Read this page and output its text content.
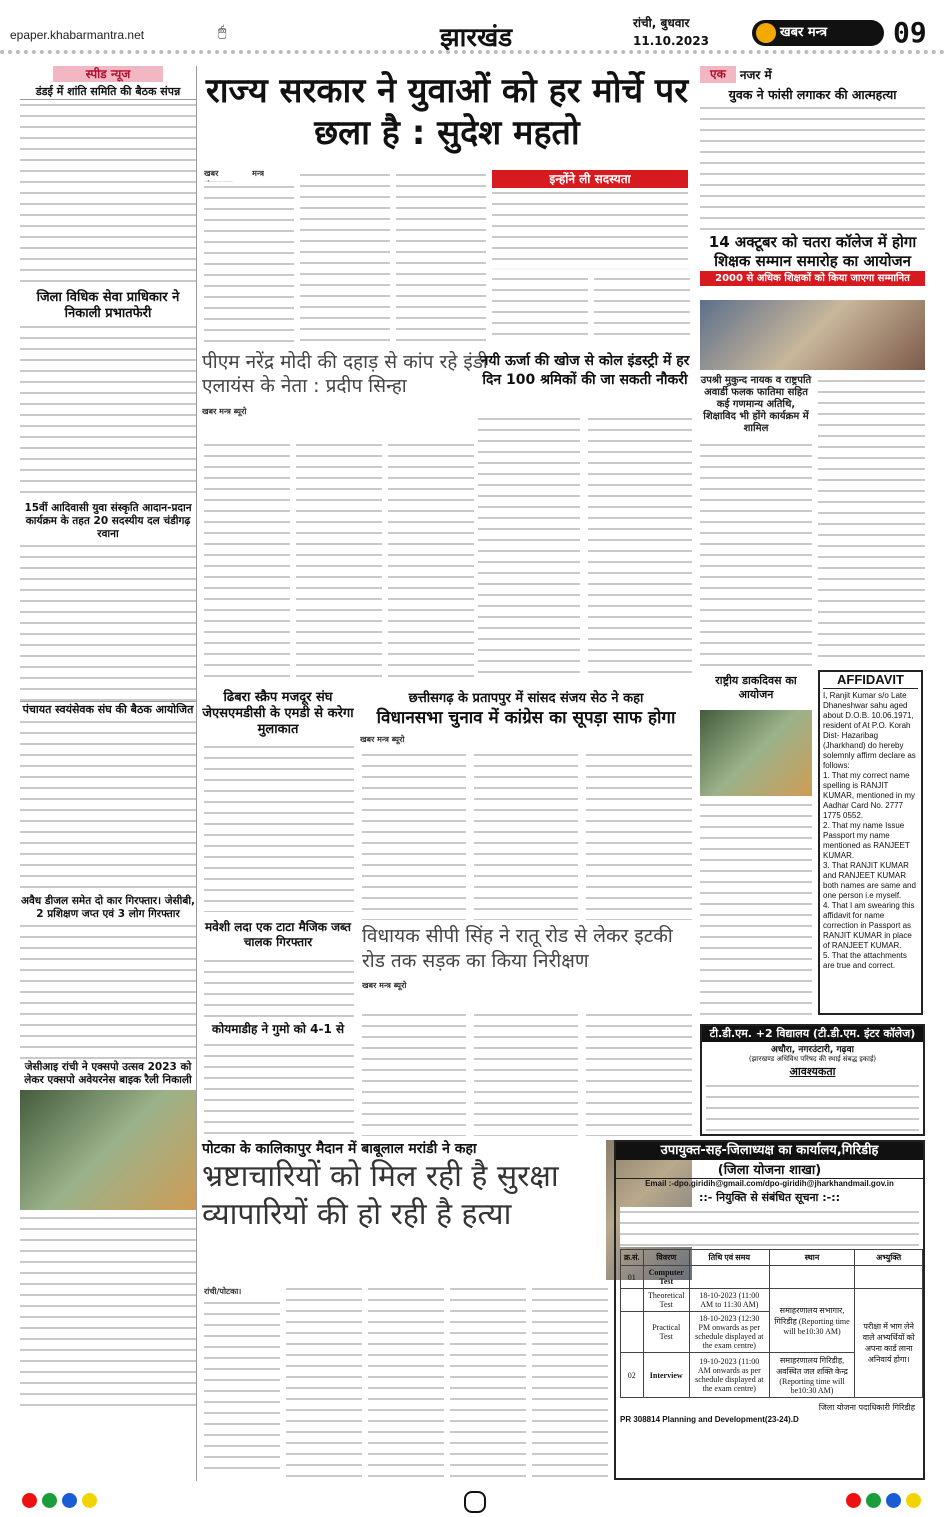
epaper.khabarmantra.net	🖱	झारखंड	रांची, बुधवार
11.10.2023
खबर मन्त्र	09
स्पीड न्यूज
डंडई में शांति समिति की बैठक संपन्न
जिला विधिक सेवा प्राधिकार ने निकाली प्रभातफेरी
15वीं आदिवासी युवा संस्कृति आदान-प्रदान कार्यक्रम के तहत 20 सदस्यीय दल चंडीगढ़ रवाना
पंचायत स्वयंसेवक संघ की बैठक आयोजित
अवैध डीजल समेत दो कार गिरफ्तार। जेसीबी, 2 प्रशिक्षण जप्त एवं 3 लोग गिरफ्तार
जेसीआइ रांची ने एक्सपो उत्सव 2023 को लेकर एक्सपो अवेयरनेस बाइक रैली निकाली
राज्य सरकार ने युवाओं को हर मोर्चे पर छला है : सुदेश महतो
खबर मन्त्र	इन्होंने ली सदस्यता
पीएम नरेंद्र मोदी की दहाड़ से कांप रहे इंडी एलायंस के नेता : प्रदीप सिन्हा
खबर मन्त्र ब्यूरो
नयी ऊर्जा की खोज से कोल इंडस्ट्री में हर दिन 100 श्रमिकों की जा सकती नौकरी
छत्तीसगढ़ के प्रतापपुर में सांसद संजय सेठ ने कहा
विधानसभा चुनाव में कांग्रेस का सूपड़ा साफ होगा
खबर मन्त्र ब्यूरो
ढिबरा स्क्रैप मजदूर संघ जेएसएमडीसी के एमडी से करेगा मुलाकात
मवेशी लदा एक टाटा मैजिक जब्त चालक गिरफ्तार
कोयमाडीह ने गुमो को 4-1 से
विधायक सीपी सिंह ने रातू रोड से लेकर इटकी रोड तक सड़क का किया निरीक्षण
खबर मन्त्र ब्यूरो
पोटका के कालिकापुर मैदान में बाबूलाल मरांडी ने कहा
भ्रष्टाचारियों को मिल रही है सुरक्षा व्यापारियों की हो रही है हत्या
रांची/पोटका।
एक	नजर में
युवक ने फांसी लगाकर की आत्महत्या
14 अक्टूबर को चतरा कॉलेज में होगा शिक्षक सम्मान समारोह का आयोजन
2000 से अधिक शिक्षकों को किया जाएगा सम्मानित
उपश्री मुकुन्द नायक व राष्ट्रपति अवार्डी फलक फातिमा सहित कई गणमान्य अतिथि, शिक्षाविद भी होंगे कार्यक्रम में शामिल
राष्ट्रीय डाकदिवस का आयोजन
AFFIDAVIT
I, Ranjit Kumar s/o Late Dhaneshwar sahu aged about D.O.B. 10.06.1971, resident of At P.O. Korah Dist- Hazaribag (Jharkhand) do hereby solemnly affirm declare as follows:
1. That my correct name spelling is RANJIT KUMAR, mentioned in my Aadhar Card No. 2777 1775 0552.
2. That my name Issue Passport my name mentioned as RANJEET KUMAR.
3. That RANJIT KUMAR and RANJEET KUMAR both names are same and one person i.e myself.
4. That I am swearing this affidavit for name correction in Passport as RANJIT KUMAR in place of RANJEET KUMAR.
5. That the attachments are true and correct.
टी.डी.एम. +2 विद्यालय (टी.डी.एम. इंटर कॉलेज)
अधौरा, नगरउंटारी, गढ़वा
(झारखण्ड अधिविध परिषद की स्थाई संबद्ध इकाई)
आवश्यकता
उपायुक्त-सह-जिलाध्यक्ष का कार्यालय,गिरिडीह
(जिला योजना शाखा)
Email :-dpo.giridih@gmail.com/dpo-giridih@jharkhandmail.gov.in
::- नियुक्ति से संबंधित सूचना :-::
क्र.सं.	विवरण	तिथि एवं समय	स्थान	अभ्युक्ति
01	Computer Test			
	Theoretical Test	18-10-2023 (11:00 AM to 11:30 AM)	समाहरणालय सभागार, गिरिडीह (Reporting time will be10:30 AM)	परीक्षा में भाग लेने वाले अभ्यर्थियों को अपना कार्ड लाना अनिवार्य होगा।
	Practical Test	18-10-2023 (12:30 PM onwards as per schedule displayed at the exam centre)		
02	Interview	19-10-2023 (11:00 AM onwards as per schedule displayed at the exam centre)	समाहरणालय गिरिडीह, अवस्थित जल शक्ति केन्द्र (Reporting time will be10:30 AM)	
जिला योजना पदाधिकारी गिरिडीह
PR 308814 Planning and Development(23-24).D
